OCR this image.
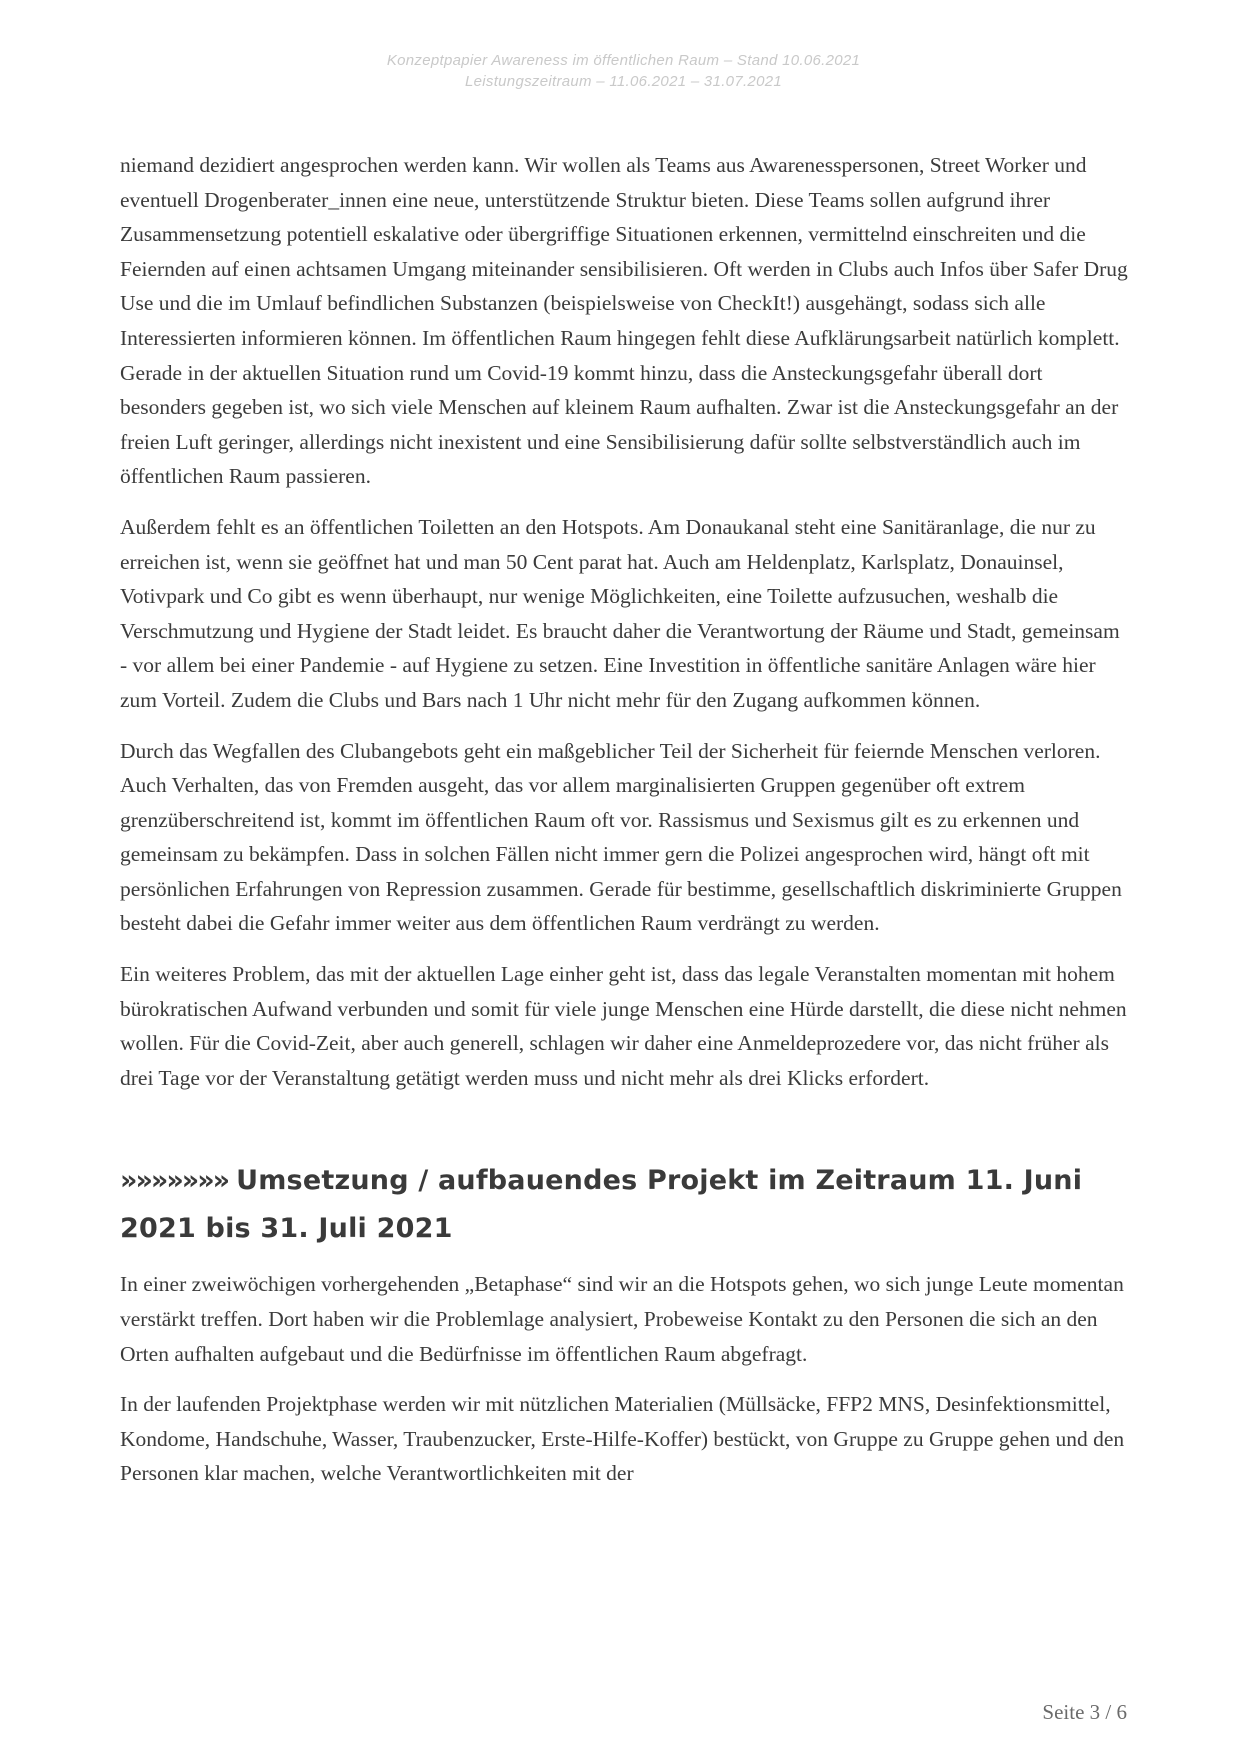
Konzeptpapier Awareness im öffentlichen Raum – Stand 10.06.2021
Leistungszeitraum – 11.06.2021 – 31.07.2021

niemand dezidiert angesprochen werden kann. Wir wollen als Teams aus Awarenesspersonen, Street Worker und eventuell Drogenberater_innen eine neue, unterstützende Struktur bieten. Diese Teams sollen aufgrund ihrer Zusammensetzung potentiell eskalative oder übergriffige Situationen erkennen, vermittelnd einschreiten und die Feiernden auf einen achtsamen Umgang miteinander sensibilisieren. Oft werden in Clubs auch Infos über Safer Drug Use und die im Umlauf befindlichen Substanzen (beispielsweise von CheckIt!) ausgehängt, sodass sich alle Interessierten informieren können. Im öffentlichen Raum hingegen fehlt diese Aufklärungsarbeit natürlich komplett. Gerade in der aktuellen Situation rund um Covid-19 kommt hinzu, dass die Ansteckungsgefahr überall dort besonders gegeben ist, wo sich viele Menschen auf kleinem Raum aufhalten. Zwar ist die Ansteckungsgefahr an der freien Luft geringer, allerdings nicht inexistent und eine Sensibilisierung dafür sollte selbstverständlich auch im öffentlichen Raum passieren.

Außerdem fehlt es an öffentlichen Toiletten an den Hotspots. Am Donaukanal steht eine Sanitäranlage, die nur zu erreichen ist, wenn sie geöffnet hat und man 50 Cent parat hat. Auch am Heldenplatz, Karlsplatz, Donauinsel, Votivpark und Co gibt es wenn überhaupt, nur wenige Möglichkeiten, eine Toilette aufzusuchen, weshalb die Verschmutzung und Hygiene der Stadt leidet. Es braucht daher die Verantwortung der Räume und Stadt, gemeinsam - vor allem bei einer Pandemie - auf Hygiene zu setzen. Eine Investition in öffentliche sanitäre Anlagen wäre hier zum Vorteil. Zudem die Clubs und Bars nach 1 Uhr nicht mehr für den Zugang aufkommen können.

Durch das Wegfallen des Clubangebots geht ein maßgeblicher Teil der Sicherheit für feiernde Menschen verloren. Auch Verhalten, das von Fremden ausgeht, das vor allem marginalisierten Gruppen gegenüber oft extrem grenzüberschreitend ist, kommt im öffentlichen Raum oft vor. Rassismus und Sexismus gilt es zu erkennen und gemeinsam zu bekämpfen. Dass in solchen Fällen nicht immer gern die Polizei angesprochen wird, hängt oft mit persönlichen Erfahrungen von Repression zusammen. Gerade für bestimme, gesellschaftlich diskriminierte Gruppen besteht dabei die Gefahr immer weiter aus dem öffentlichen Raum verdrängt zu werden.

Ein weiteres Problem, das mit der aktuellen Lage einher geht ist, dass das legale Veranstalten momentan mit hohem bürokratischen Aufwand verbunden und somit für viele junge Menschen eine Hürde darstellt, die diese nicht nehmen wollen. Für die Covid-Zeit, aber auch generell, schlagen wir daher eine Anmeldeprozedere vor, das nicht früher als drei Tage vor der Veranstaltung getätigt werden muss und nicht mehr als drei Klicks erfordert.

»»»»»»» Umsetzung / aufbauendes Projekt im Zeitraum 11. Juni 2021 bis 31. Juli 2021

In einer zweiwöchigen vorhergehenden „Betaphase“ sind wir an die Hotspots gehen, wo sich junge Leute momentan verstärkt treffen. Dort haben wir die Problemlage analysiert, Probeweise Kontakt zu den Personen die sich an den Orten aufhalten aufgebaut und die Bedürfnisse im öffentlichen Raum abgefragt.

In der laufenden Projektphase werden wir mit nützlichen Materialien (Müllsäcke, FFP2 MNS, Desinfektionsmittel, Kondome, Handschuhe, Wasser, Traubenzucker, Erste-Hilfe-Koffer) bestückt, von Gruppe zu Gruppe gehen und den Personen klar machen, welche Verantwortlichkeiten mit der

Seite 3 / 6
